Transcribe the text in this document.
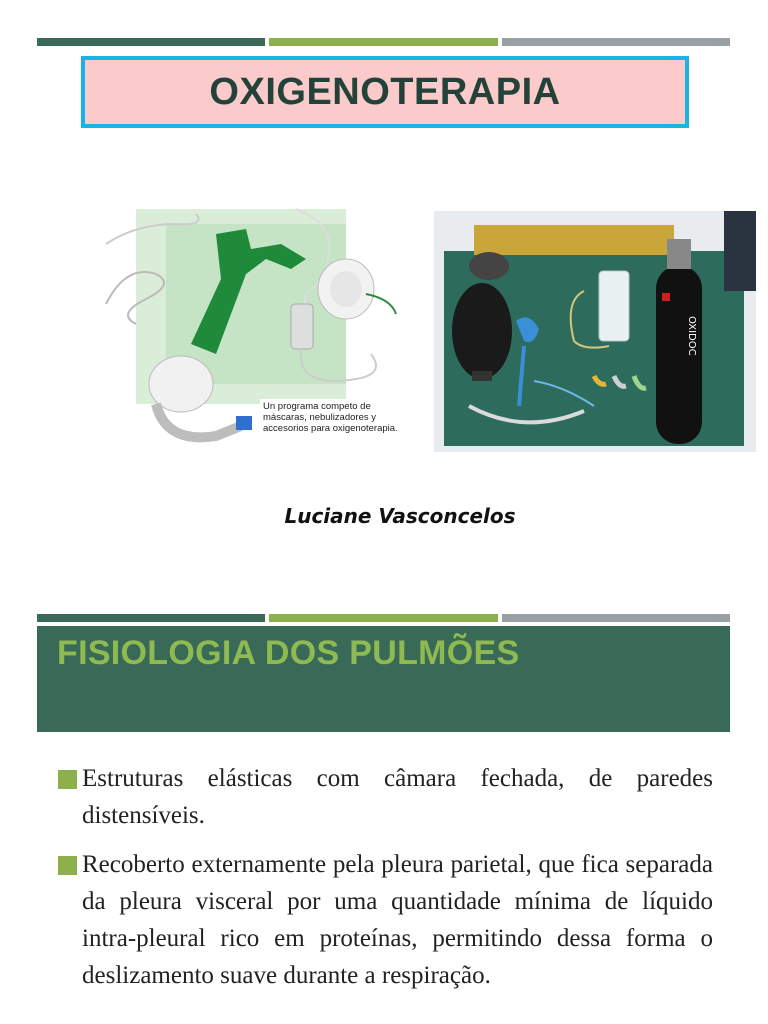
OXIGENOTERAPIA
Un programa competo de máscaras, nebulizadores y accesorios para oxigenoterapia.
OXIDOC
Luciane Vasconcelos
FISIOLOGIA DOS PULMÕES
Estruturas elásticas com câmara fechada, de paredes distensíveis.
Recoberto externamente pela pleura parietal, que fica separada da pleura visceral por uma quantidade mínima de líquido intra-pleural rico em proteínas, permitindo dessa forma o deslizamento suave durante a respiração.
